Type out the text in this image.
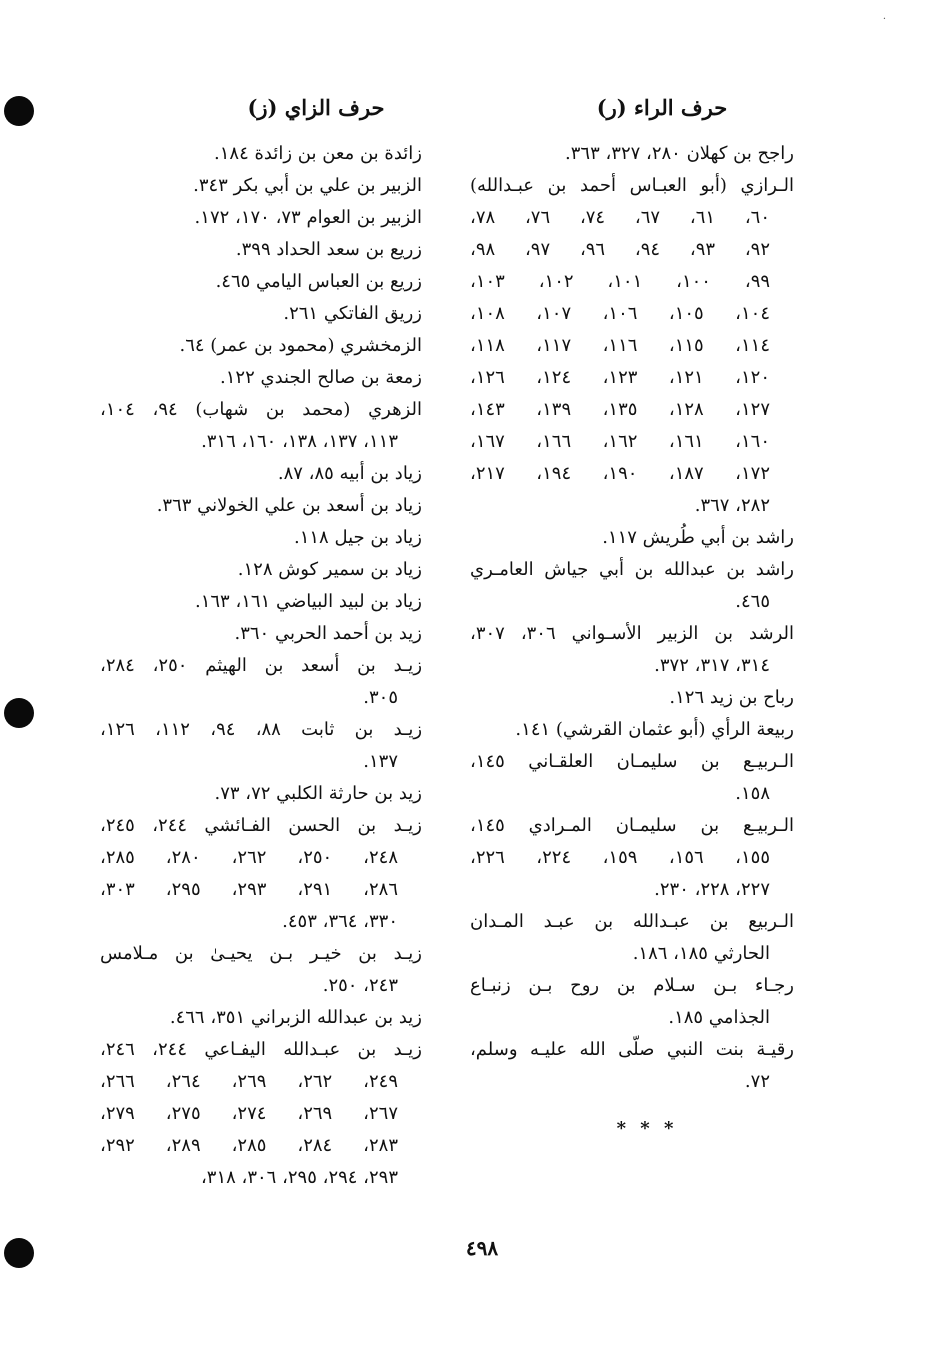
·
حرف الراء (ر)
راجح بن كهلان ٢٨٠، ٣٢٧، ٣٦٣.
الـرازي (أبو العبـاس أحمد بن عبـدالله)
٦٠، ٦١، ٦٧، ٧٤، ٧٦، ٧٨،
٩٢، ٩٣، ٩٤، ٩٦، ٩٧، ٩٨،
٩٩، ١٠٠، ١٠١، ١٠٢، ١٠٣،
١٠٤، ١٠٥، ١٠٦، ١٠٧، ١٠٨،
١١٤، ١١٥، ١١٦، ١١٧، ١١٨،
١٢٠، ١٢١، ١٢٣، ١٢٤، ١٢٦،
١٢٧، ١٢٨، ١٣٥، ١٣٩، ١٤٣،
١٦٠، ١٦١، ١٦٢، ١٦٦، ١٦٧،
١٧٢، ١٨٧، ١٩٠، ١٩٤، ٢١٧،
٢٨٢، ٣٦٧.
راشد بن أبي طُريش ١١٧.
راشد بن عبدالله بن أبي جياش العامـري
٤٦٥.
الرشد بن الزبير الأسـواني ٣٠٦، ٣٠٧،
٣١٤، ٣١٧، ٣٧٢.
رباح بن زيد ١٢٦.
ربيعة الرأي (أبو عثمان القرشي) ١٤١.
الـربيـع بن سليمـان العلقـاني ١٤٥،
١٥٨.
الـربيـع بن سليمـان المـرادي ١٤٥،
١٥٥، ١٥٦، ١٥٩، ٢٢٤، ٢٢٦،
٢٢٧، ٢٢٨، ٢٣٠.
الـربيع بن عبـدالله بن عبـد المـدان
الحارثي ١٨٥، ١٨٦.
رجـاء بـن سـلام بن روح بـن زنبـاع
الجذامي ١٨٥.
رقيـة بنت النبي صلّى الله عليـه وسلم،
٧٢.
* * *
حرف الزاي (ز)
زائدة بن معن بن زائدة ١٨٤.
الزبير بن علي بن أبي بكر ٣٤٣.
الزبير بن العوام ٧٣، ١٧٠، ١٧٢.
زريع بن سعد الحداد ٣٩٩.
زريع بن العباس اليامي ٤٦٥.
زريق الفاتكي ٢٦١.
الزمخشري (محمود بن عمر) ٦٤.
زمعة بن صالح الجندي ١٢٢.
الزهري (محمد بن شهاب) ٩٤، ١٠٤،
١١٣، ١٣٧، ١٣٨، ١٦٠، ٣١٦.
زياد بن أبيه ٨٥، ٨٧.
زياد بن أسعد بن علي الخولاني ٣٦٣.
زياد بن جيل ١١٨.
زياد بن سمير كوش ١٢٨.
زياد بن لبيد البياضي ١٦١، ١٦٣.
زيد بن أحمد الحربي ٣٦٠.
زيـد بن أسعد بن الهيثم ٢٥٠، ٢٨٤،
٣٠٥.
زيـد بن ثابت ٨٨، ٩٤، ١١٢، ١٢٦،
١٣٧.
زيد بن حارثة الكلبي ٧٢، ٧٣.
زيـد بن الحسن الفـائشي ٢٤٤، ٢٤٥،
٢٤٨، ٢٥٠، ٢٦٢، ٢٨٠، ٢٨٥،
٢٨٦، ٢٩١، ٢٩٣، ٢٩٥، ٣٠٣،
٣٣٠، ٣٦٤، ٤٥٣.
زيـد بن خيـر بـن يحيـىٰ بن مـلامس
٢٤٣، ٢٥٠.
زيد بن عبدالله الزبراني ٣٥١، ٤٦٦.
زيـد بن عبـدالله اليفـاعي ٢٤٤، ٢٤٦،
٢٤٩، ٢٦٢، ٢٦٩، ٢٦٤، ٢٦٦،
٢٦٧، ٢٦٩، ٢٧٤، ٢٧٥، ٢٧٩،
٢٨٣، ٢٨٤، ٢٨٥، ٢٨٩، ٢٩٢،
٢٩٣، ٢٩٤، ٢٩٥، ٣٠٦، ٣١٨،
٤٩٨
